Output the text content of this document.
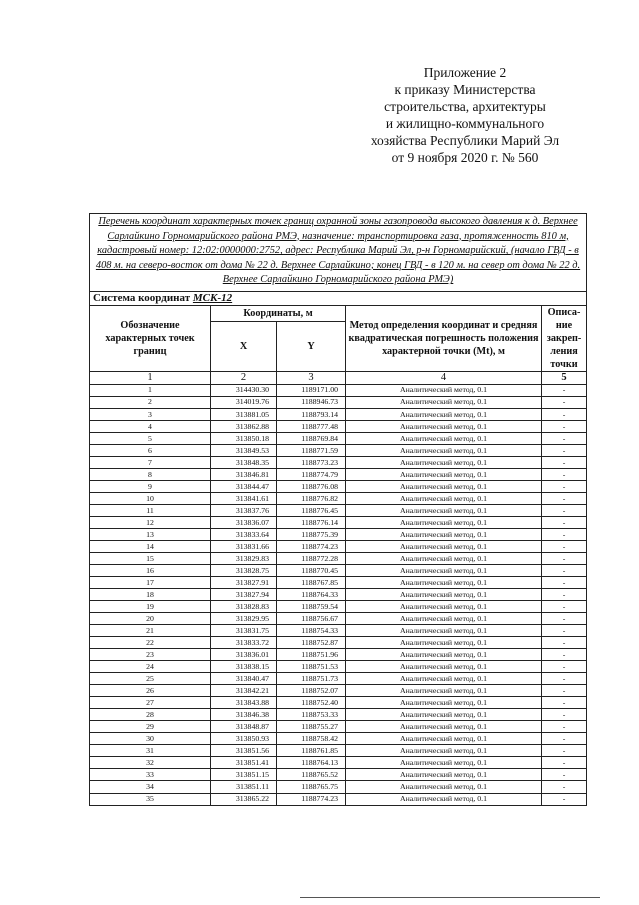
Приложение 2
к приказу Министерства
строительства, архитектуры
и жилищно-коммунального
хозяйства Республики Марий Эл
от 9 ноября 2020 г. № 560
Перечень координат характерных точек границ охранной зоны газопровода высокого давления к д. Верхнее Сарлайкино Горномарийского района РМЭ, назначение: транспортировка газа, протяженность 810 м, кадастровый номер: 12:02:0000000:2752, адрес: Республика Марий Эл, р-н Горномарийский, (начало ГВД - в 408 м. на северо-восток от дома № 22 д. Верхнее Сарлайкино; конец ГВД - в 120 м. на север от дома № 22 д. Верхнее Сарлайкино Горномарийского района РМЭ)				
Система координат МСК-12				
Обозначение характерных точек границ	Координаты, м		Метод определения координат и средняя квадратическая погрешность положения характерной точки (Mt), м	Описа-ние закреп-ления точки
	X	Y		
1	2	3	4	5
1	314430.30	1189171.00	Аналитический метод, 0.1	-
2	314019.76	1188946.73	Аналитический метод, 0.1	-
3	313881.05	1188793.14	Аналитический метод, 0.1	-
4	313862.88	1188777.48	Аналитический метод, 0.1	-
5	313850.18	1188769.84	Аналитический метод, 0.1	-
6	313849.53	1188771.59	Аналитический метод, 0.1	-
7	313848.35	1188773.23	Аналитический метод, 0.1	-
8	313846.81	1188774.79	Аналитический метод, 0.1	-
9	313844.47	1188776.08	Аналитический метод, 0.1	-
10	313841.61	1188776.82	Аналитический метод, 0.1	-
11	313837.76	1188776.45	Аналитический метод, 0.1	-
12	313836.07	1188776.14	Аналитический метод, 0.1	-
13	313833.64	1188775.39	Аналитический метод, 0.1	-
14	313831.66	1188774.23	Аналитический метод, 0.1	-
15	313829.83	1188772.28	Аналитический метод, 0.1	-
16	313828.75	1188770.45	Аналитический метод, 0.1	-
17	313827.91	1188767.85	Аналитический метод, 0.1	-
18	313827.94	1188764.33	Аналитический метод, 0.1	-
19	313828.83	1188759.54	Аналитический метод, 0.1	-
20	313829.95	1188756.67	Аналитический метод, 0.1	-
21	313831.75	1188754.33	Аналитический метод, 0.1	-
22	313833.72	1188752.87	Аналитический метод, 0.1	-
23	313836.01	1188751.96	Аналитический метод, 0.1	-
24	313838.15	1188751.53	Аналитический метод, 0.1	-
25	313840.47	1188751.73	Аналитический метод, 0.1	-
26	313842.21	1188752.07	Аналитический метод, 0.1	-
27	313843.88	1188752.40	Аналитический метод, 0.1	-
28	313846.38	1188753.33	Аналитический метод, 0.1	-
29	313848.87	1188755.27	Аналитический метод, 0.1	-
30	313850.93	1188758.42	Аналитический метод, 0.1	-
31	313851.56	1188761.85	Аналитический метод, 0.1	-
32	313851.41	1188764.13	Аналитический метод, 0.1	-
33	313851.15	1188765.52	Аналитический метод, 0.1	-
34	313851.11	1188765.75	Аналитический метод, 0.1	-
35	313865.22	1188774.23	Аналитический метод, 0.1	-
